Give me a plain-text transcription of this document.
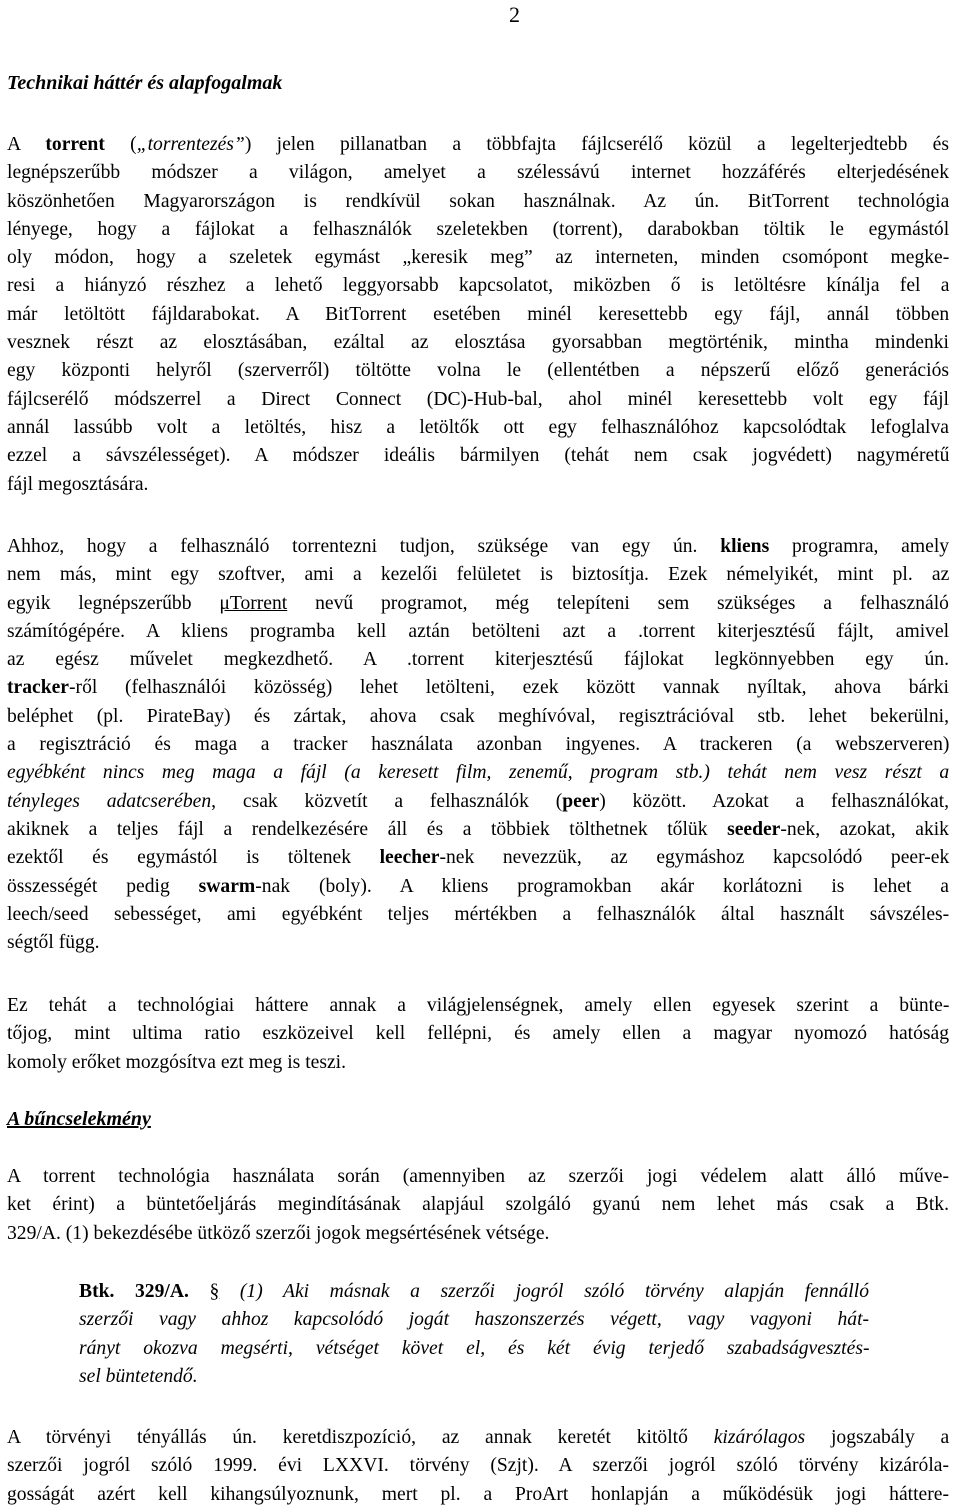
2
Technikai háttér és alapfogalmak
A torrent („torrentezés”) jelen pillanatban a többfajta fájlcserélő közül a legelterjedtebb és
legnépszerűbb módszer a világon, amelyet a szélessávú internet hozzáférés elterjedésének
köszönhetően Magyarországon is rendkívül sokan használnak. Az ún. BitTorrent technológia
lényege, hogy a fájlokat a felhasználók szeletekben (torrent), darabokban töltik le egymástól
oly módon, hogy a szeletek egymást „keresik meg” az interneten, minden csomópont megke-
resi a hiányzó részhez a lehető leggyorsabb kapcsolatot, miközben ő is letöltésre kínálja fel a
már letöltött fájldarabokat. A BitTorrent esetében minél keresettebb egy fájl, annál többen
vesznek részt az elosztásában, ezáltal az elosztása gyorsabban megtörténik, mintha mindenki
egy központi helyről (szerverről) töltötte volna le (ellentétben a népszerű előző generációs
fájlcserélő módszerrel a Direct Connect (DC)-Hub-bal, ahol minél keresettebb volt egy fájl
annál lassúbb volt a letöltés, hisz a letöltők ott egy felhasználóhoz kapcsolódtak lefoglalva
ezzel a sávszélességet). A módszer ideális bármilyen (tehát nem csak jogvédett) nagyméretű
fájl megosztására.
Ahhoz, hogy a felhasználó torrentezni tudjon, szüksége van egy ún. kliens programra, amely
nem más, mint egy szoftver, ami a kezelői felületet is biztosítja. Ezek némelyikét, mint pl. az
egyik legnépszerűbb μTorrent nevű programot, még telepíteni sem szükséges a felhasználó
számítógépére. A kliens programba kell aztán betölteni azt a .torrent kiterjesztésű fájlt, amivel
az egész művelet megkezdhető. A .torrent kiterjesztésű fájlokat legkönnyebben egy ún.
tracker-ről (felhasználói közösség) lehet letölteni, ezek között vannak nyíltak, ahova bárki
beléphet (pl. PirateBay) és zártak, ahova csak meghívóval, regisztrációval stb. lehet bekerülni,
a regisztráció és maga a tracker használata azonban ingyenes. A trackeren (a webszerveren)
egyébként nincs meg maga a fájl (a keresett film, zenemű, program stb.) tehát nem vesz részt a
tényleges adatcserében, csak közvetít a felhasználók (peer) között. Azokat a felhasználókat,
akiknek a teljes fájl a rendelkezésére áll és a többiek tölthetnek tőlük seeder-nek, azokat, akik
ezektől és egymástól is töltenek leecher-nek nevezzük, az egymáshoz kapcsolódó peer-ek
összességét pedig swarm-nak (boly). A kliens programokban akár korlátozni is lehet a
leech/seed sebességet, ami egyébként teljes mértékben a felhasználók által használt sávszéles-
ségtől függ.
Ez tehát a technológiai háttere annak a világjelenségnek, amely ellen egyesek szerint a bünte-
tőjog, mint ultima ratio eszközeivel kell fellépni, és amely ellen a magyar nyomozó hatóság
komoly erőket mozgósítva ezt meg is teszi.
A bűncselekmény
A torrent technológia használata során (amennyiben az szerzői jogi védelem alatt álló műve-
ket érint) a büntetőeljárás megindításának alapjául szolgáló gyanú nem lehet más csak a Btk.
329/A. (1) bekezdésébe ütköző szerzői jogok megsértésének vétsége.
Btk. 329/A. § (1) Aki másnak a szerzői jogról szóló törvény alapján fennálló
szerzői vagy ahhoz kapcsolódó jogát haszonszerzés végett, vagy vagyoni hát-
rányt okozva megsérti, vétséget követ el, és két évig terjedő szabadságvesztés-
sel büntetendő.
A törvényi tényállás ún. keretdiszpozíció, az annak keretét kitöltő kizárólagos jogszabály a
szerzői jogról szóló 1999. évi LXXVI. törvény (Szjt). A szerzői jogról szóló törvény kizáróla-
gosságát azért kell kihangsúlyoznunk, mert pl. a ProArt honlapján a működésük jogi háttere-
